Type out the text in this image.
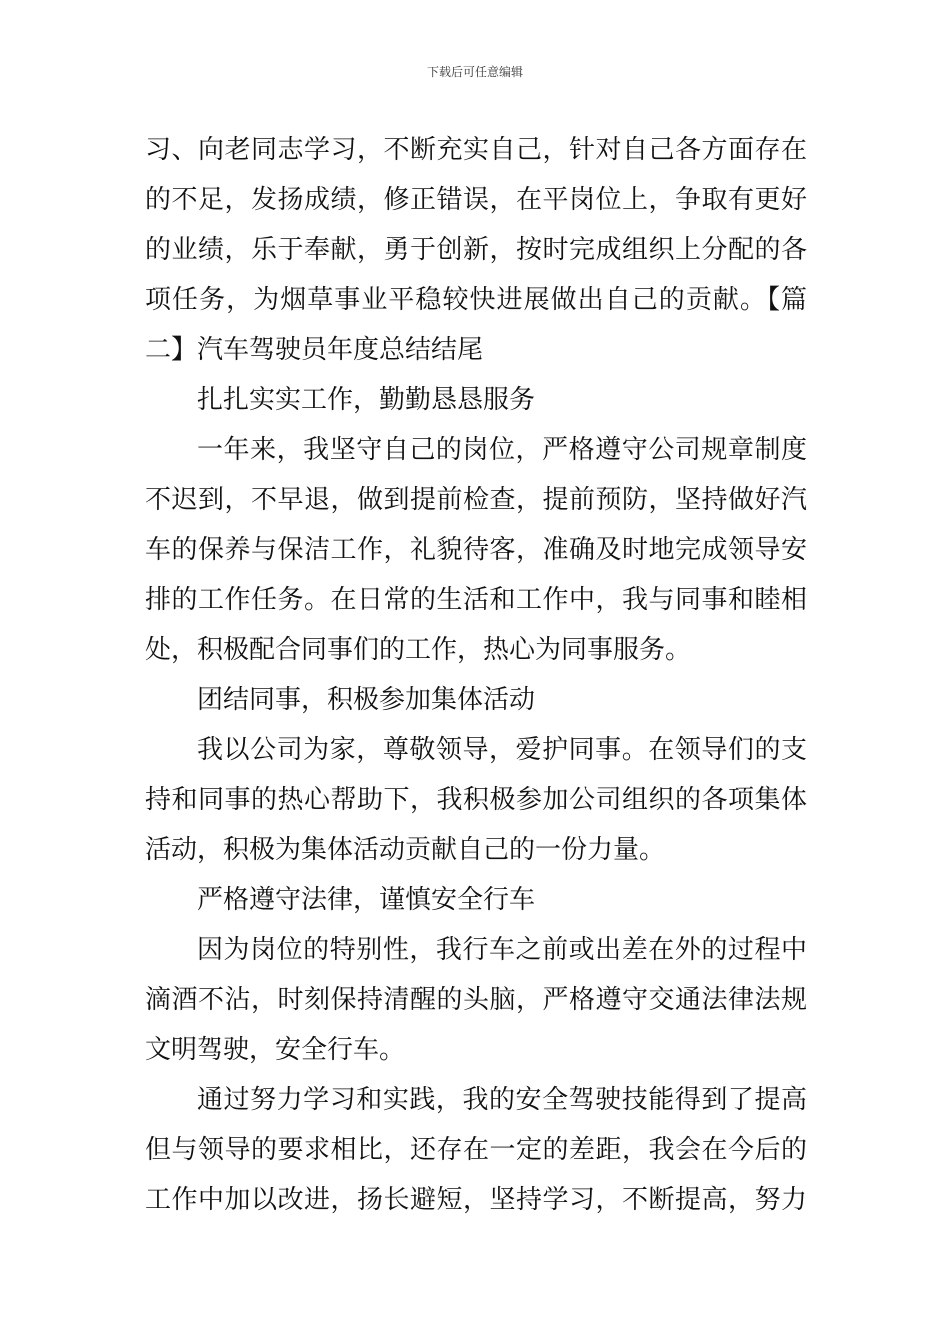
下载后可任意编辑
习、向老同志学习，不断充实自己，针对自己各方面存在
的不足，发扬成绩，修正错误，在平岗位上，争取有更好
的业绩，乐于奉献，勇于创新，按时完成组织上分配的各
项任务，为烟草事业平稳较快进展做出自己的贡献。【篇
二】汽车驾驶员年度总结结尾
扎扎实实工作，勤勤恳恳服务
一年来，我坚守自己的岗位，严格遵守公司规章制度
不迟到，不早退，做到提前检查，提前预防，坚持做好汽
车的保养与保洁工作，礼貌待客，准确及时地完成领导安
排的工作任务。在日常的生活和工作中，我与同事和睦相
处，积极配合同事们的工作，热心为同事服务。
团结同事，积极参加集体活动
我以公司为家，尊敬领导，爱护同事。在领导们的支
持和同事的热心帮助下，我积极参加公司组织的各项集体
活动，积极为集体活动贡献自己的一份力量。
严格遵守法律，谨慎安全行车
因为岗位的特别性，我行车之前或出差在外的过程中
滴酒不沾，时刻保持清醒的头脑，严格遵守交通法律法规
文明驾驶，安全行车。
通过努力学习和实践，我的安全驾驶技能得到了提高
但与领导的要求相比，还存在一定的差距，我会在今后的
工作中加以改进，扬长避短，坚持学习，不断提高，努力
